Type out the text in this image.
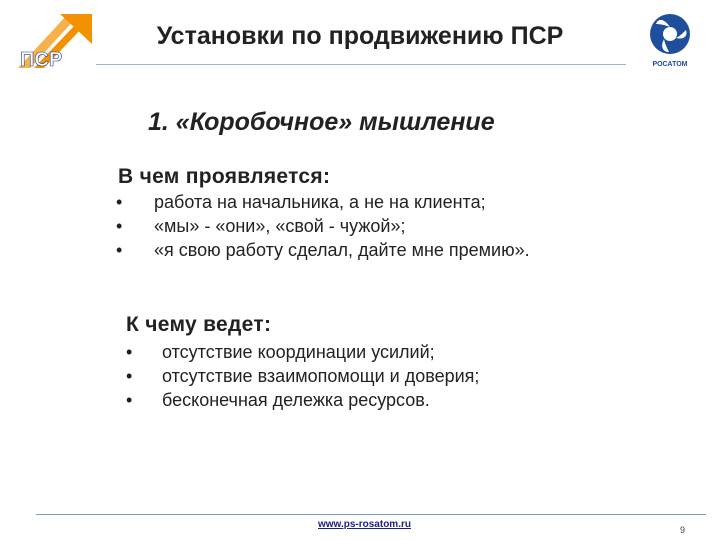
ПСР
Установки по продвижению ПСР
РОСАТОМ
1. «Коробочное» мышление
В чем проявляется:
• работа на начальника, а не на клиента;
• «мы» - «они», «свой - чужой»;
• «я свою работу сделал, дайте мне премию».
К чему ведет:
• отсутствие координации усилий;
• отсутствие взаимопомощи и доверия;
• бесконечная дележка ресурсов.
www.ps-rosatom.ru	9
